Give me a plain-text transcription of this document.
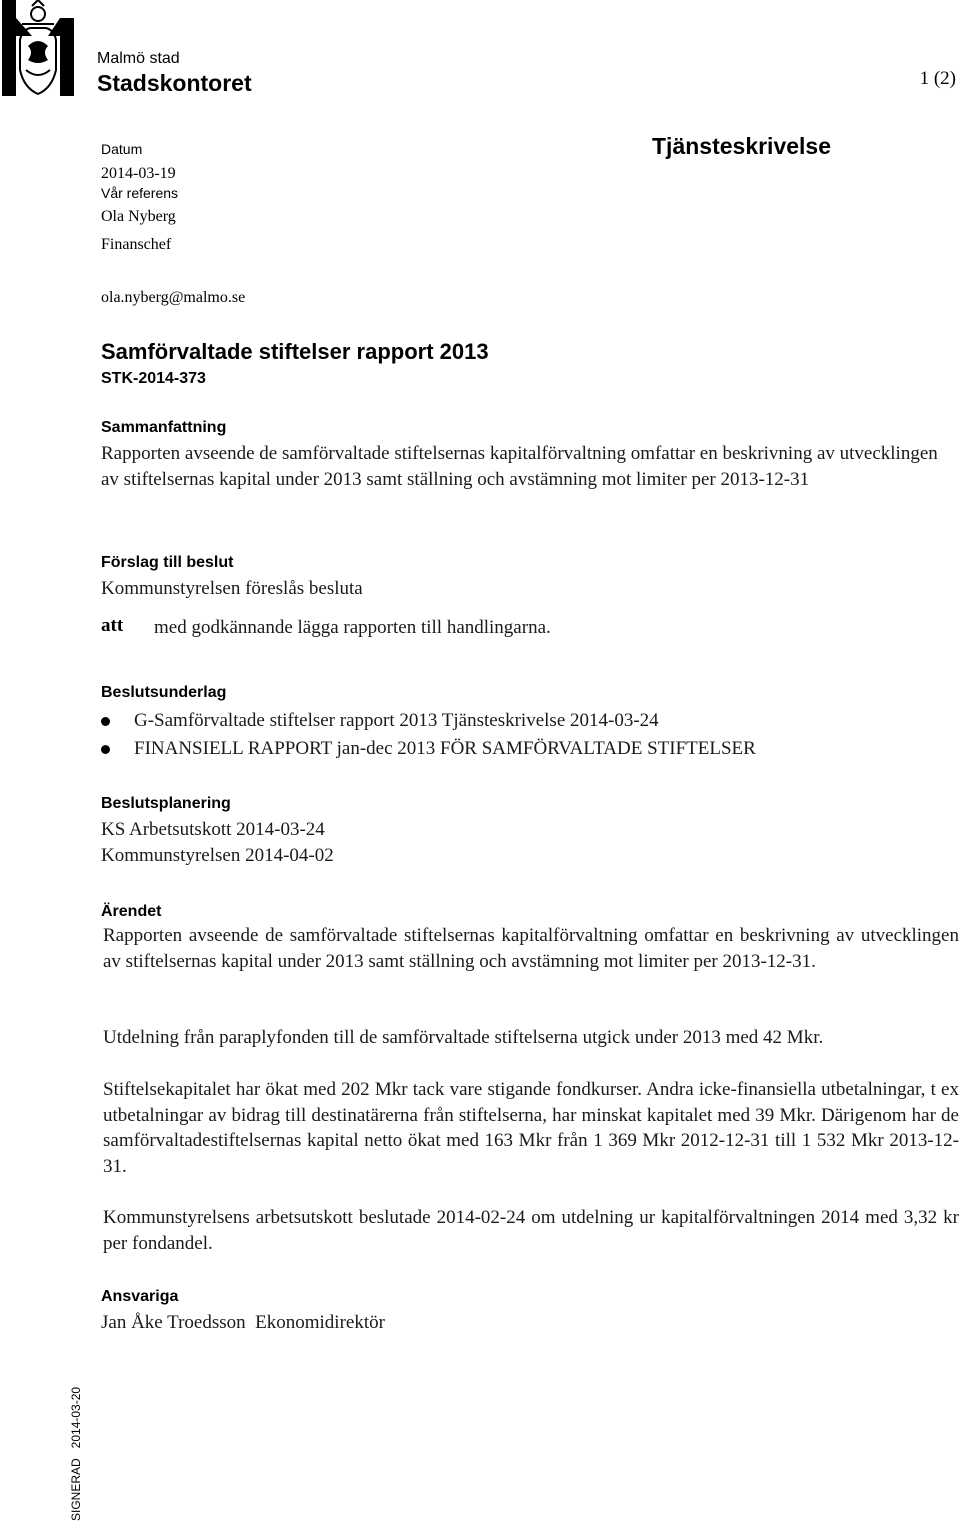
Malmö stad
Stadskontoret	1 (2)
Tjänsteskrivelse
Datum
2014-03-19
Vår referens
Ola Nyberg
Finanschef
ola.nyberg@malmo.se
Samförvaltade stiftelser rapport 2013
STK-2014-373
Sammanfattning
Rapporten avseende de samförvaltade stiftelsernas kapitalförvaltning omfattar en beskrivning av utvecklingen av stiftelsernas kapital under 2013 samt ställning och avstämning mot limiter per 2013-12-31
Förslag till beslut
Kommunstyrelsen föreslås besluta
att med godkännande lägga rapporten till handlingarna.
Beslutsunderlag
G-Samförvaltade stiftelser rapport 2013 Tjänsteskrivelse 2014-03-24
FINANSIELL RAPPORT jan-dec 2013 FÖR SAMFÖRVALTADE STIFTELSER
Beslutsplanering
KS Arbetsutskott 2014-03-24
Kommunstyrelsen 2014-04-02
Ärendet
Rapporten avseende de samförvaltade stiftelsernas kapitalförvaltning omfattar en beskrivning av utvecklingen av stiftelsernas kapital under 2013 samt ställning och avstämning mot limiter per 2013-12-31.
Utdelning från paraplyfonden till de samförvaltade stiftelserna utgick under 2013 med 42 Mkr.
Stiftelsekapitalet har ökat med 202 Mkr tack vare stigande fondkurser. Andra icke-finansiella utbetalningar, t ex utbetalningar av bidrag till destinatärerna från stiftelserna, har minskat kapitalet med 39 Mkr. Därigenom har de samförvaltadestiftelsernas kapital netto ökat med 163 Mkr från 1 369 Mkr 2012-12-31 till 1 532 Mkr 2013-12-31.
Kommunstyrelsens arbetsutskott beslutade 2014-02-24 om utdelning ur kapitalförvaltningen 2014 med 3,32 kr per fondandel.
Ansvariga
Jan Åke Troedsson  Ekonomidirektör
SIGNERAD   2014-03-20
